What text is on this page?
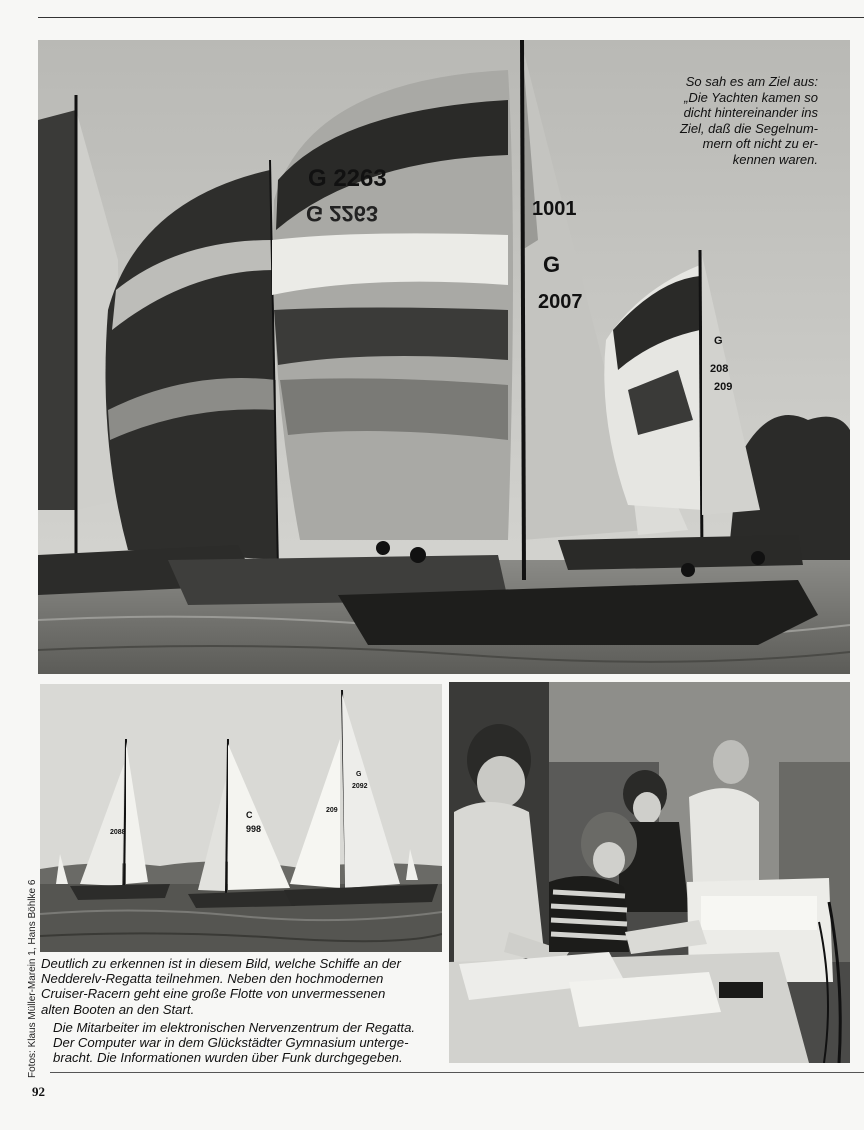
G 2263
G 2263	1001
G
2007
G
208
209
So sah es am Ziel aus:
„Die Yachten kamen so
dicht hintereinander ins
Ziel, daß die Segelnum-
mern oft nicht zu er-
kennen waren.
2088
C
998
209
G
2092
Deutlich zu erkennen ist in diesem Bild, welche Schiffe an der
Nedderelv-Regatta teilnehmen. Neben den hochmodernen
Cruiser-Racern geht eine große Flotte von unvermessenen
alten Booten an den Start.
Die Mitarbeiter im elektronischen Nervenzentrum der Regatta.
Der Computer war in dem Glückstädter Gymnasium unterge-
bracht. Die Informationen wurden über Funk durchgegeben.
Fotos: Klaus Müller-Marein 1, Hans Böhlke 6
92
